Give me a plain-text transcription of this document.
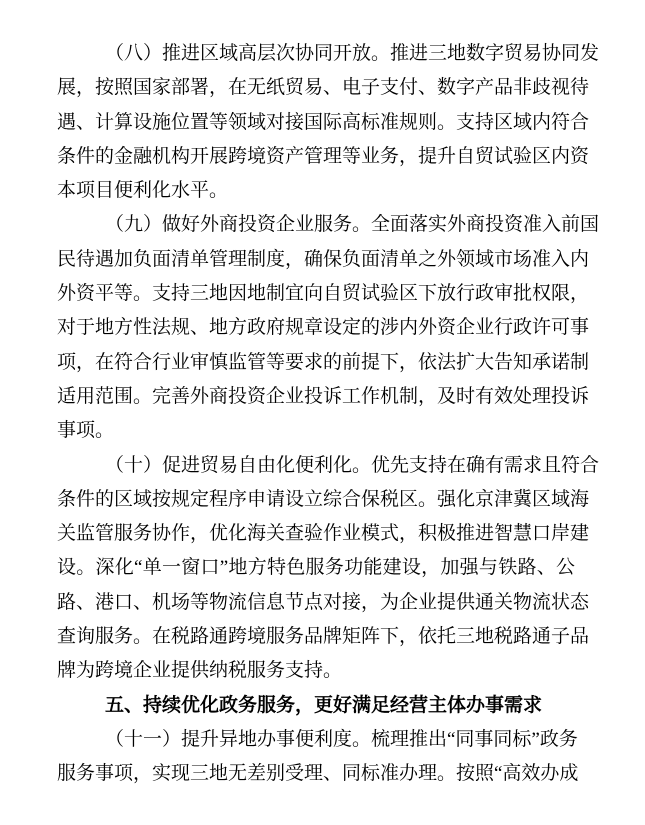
（八）推进区域高层次协同开放。推进三地数字贸易协同发
展，按照国家部署，在无纸贸易、电子支付、数字产品非歧视待
遇、计算设施位置等领域对接国际高标准规则。支持区域内符合
条件的金融机构开展跨境资产管理等业务，提升自贸试验区内资
本项目便利化水平。
（九）做好外商投资企业服务。全面落实外商投资准入前国
民待遇加负面清单管理制度，确保负面清单之外领域市场准入内
外资平等。支持三地因地制宜向自贸试验区下放行政审批权限，
对于地方性法规、地方政府规章设定的涉内外资企业行政许可事
项，在符合行业审慎监管等要求的前提下，依法扩大告知承诺制
适用范围。完善外商投资企业投诉工作机制，及时有效处理投诉
事项。
（十）促进贸易自由化便利化。优先支持在确有需求且符合
条件的区域按规定程序申请设立综合保税区。强化京津冀区域海
关监管服务协作，优化海关查验作业模式，积极推进智慧口岸建
设。深化“单一窗口”地方特色服务功能建设，加强与铁路、公
路、港口、机场等物流信息节点对接，为企业提供通关物流状态
查询服务。在税路通跨境服务品牌矩阵下，依托三地税路通子品
牌为跨境企业提供纳税服务支持。
五、持续优化政务服务，更好满足经营主体办事需求
（十一）提升异地办事便利度。梳理推出“同事同标”政务
服务事项，实现三地无差别受理、同标准办理。按照“高效办成
